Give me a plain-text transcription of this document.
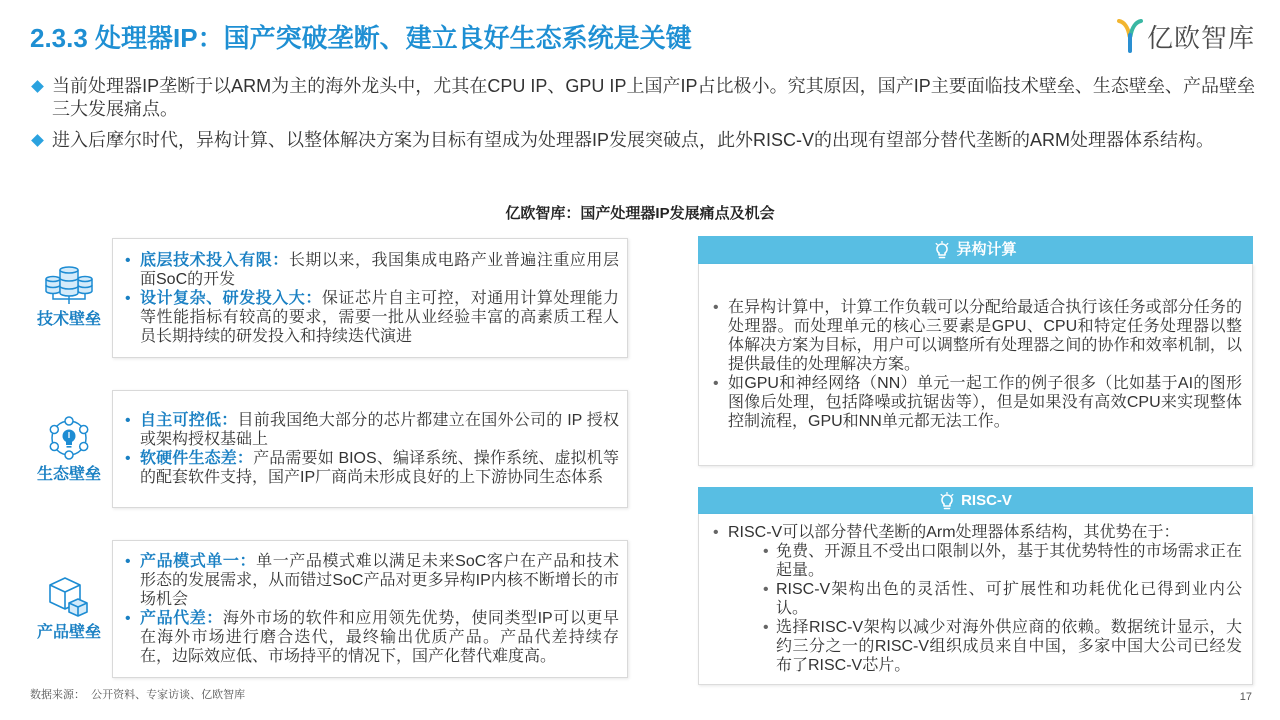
2.3.3 处理器IP：国产突破垄断、建立良好生态系统是关键	亿欧智库
当前处理器IP垄断于以ARM为主的海外龙头中，尤其在CPU IP、GPU IP上国产IP占比极小。究其原因，国产IP主要面临技术壁垒、生态壁垒、产品壁垒三大发展痛点。
进入后摩尔时代，异构计算、以整体解决方案为目标有望成为处理器IP发展突破点，此外RISC-V的出现有望部分替代垄断的ARM处理器体系结构。
亿欧智库：国产处理器IP发展痛点及机会
技术壁垒
• 底层技术投入有限：长期以来，我国集成电路产业普遍注重应用层面SoC的开发
• 设计复杂、研发投入大：保证芯片自主可控，对通用计算处理能力等性能指标有较高的要求，需要一批从业经验丰富的高素质工程人员长期持续的研发投入和持续迭代演进
生态壁垒
• 自主可控低：目前我国绝大部分的芯片都建立在国外公司的 IP 授权或架构授权基础上
• 软硬件生态差：产品需要如 BIOS、编译系统、操作系统、虚拟机等的配套软件支持，国产IP厂商尚未形成良好的上下游协同生态体系
产品壁垒
• 产品模式单一：单一产品模式难以满足未来SoC客户在产品和技术形态的发展需求，从而错过SoC产品对更多异构IP内核不断增长的市场机会
• 产品代差：海外市场的软件和应用领先优势，使同类型IP可以更早在海外市场进行磨合迭代，最终输出优质产品。产品代差持续存在，边际效应低、市场持平的情况下，国产化替代难度高。
异构计算
• 在异构计算中，计算工作负载可以分配给最适合执行该任务或部分任务的处理器。而处理单元的核心三要素是GPU、CPU和特定任务处理器以整体解决方案为目标，用户可以调整所有处理器之间的协作和效率机制，以提供最佳的处理解决方案。
• 如GPU和神经网络（NN）单元一起工作的例子很多（比如基于AI的图形图像后处理，包括降噪或抗锯齿等），但是如果没有高效CPU来实现整体控制流程，GPU和NN单元都无法工作。
RISC-V
• RISC-V可以部分替代垄断的Arm处理器体系结构，其优势在于：
• 免费、开源且不受出口限制以外，基于其优势特性的市场需求正在起量。
• RISC-V架构出色的灵活性、可扩展性和功耗优化已得到业内公认。
• 选择RISC-V架构以减少对海外供应商的依赖。数据统计显示，大约三分之一的RISC-V组织成员来自中国，多家中国大公司已经发布了RISC-V芯片。
数据来源：  公开资料、专家访谈、亿欧智库	17
